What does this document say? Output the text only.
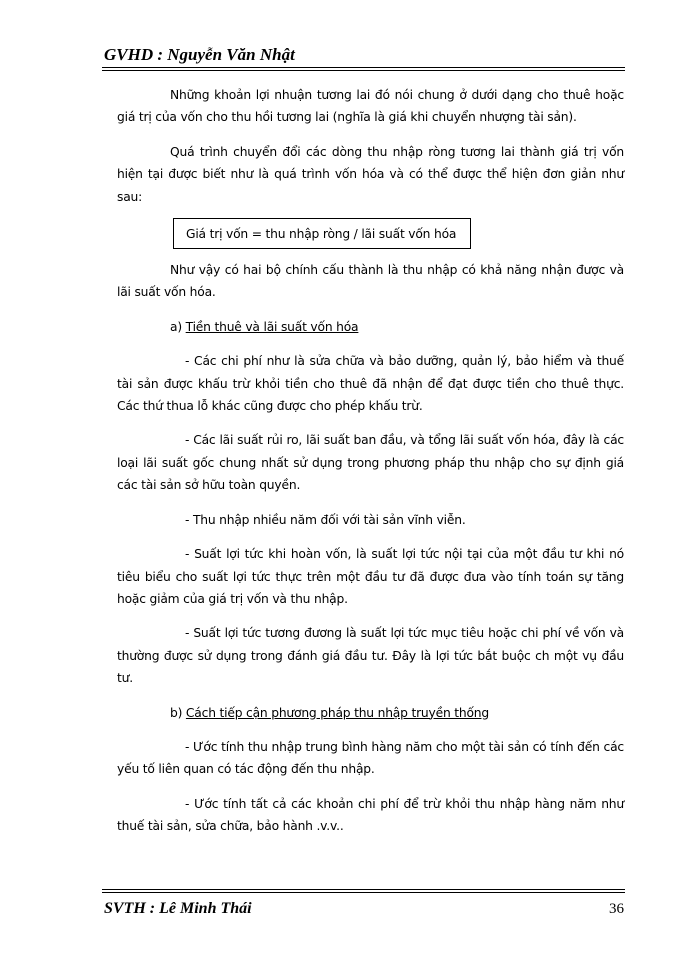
GVHD : Nguyễn Văn Nhật

Những khoản lợi nhuận tương lai đó nói chung ở dưới dạng cho thuê hoặc giá trị của vốn cho thu hồi tương lai (nghĩa là giá khi chuyển nhượng tài sản).

Quá trình chuyển đổi các dòng thu nhập ròng tương lai thành giá trị vốn hiện tại được biết như là quá trình vốn hóa và có thể được thể hiện đơn giản như sau:

Giá trị vốn = thu nhập ròng / lãi suất vốn hóa

Như vậy có hai bộ chính cấu thành là thu nhập có khả năng nhận được và lãi suất vốn hóa.

a) Tiền thuê và lãi suất vốn hóa

- Các chi phí như là sửa chữa và bảo dưỡng, quản lý, bảo hiểm và thuế tài sản được khấu trừ khỏi tiền cho thuê đã nhận để đạt được tiền cho thuê thực. Các thứ thua lỗ khác cũng được cho phép khấu trừ.

- Các lãi suất rủi ro, lãi suất ban đầu, và tổng lãi suất vốn hóa, đây là các loại lãi suất gốc chung nhất sử dụng trong phương pháp thu nhập cho sự định giá các tài sản sở hữu toàn quyền.

- Thu nhập nhiều năm đối với tài sản vĩnh viễn.

- Suất lợi tức khi hoàn vốn, là suất lợi tức nội tại của một đầu tư khi nó tiêu biểu cho suất lợi tức thực trên một đầu tư đã được đưa vào tính toán sự tăng hoặc giảm của giá trị vốn và thu nhập.

- Suất lợi tức tương đương là suất lợi tức mục tiêu hoặc chi phí về vốn và thường được sử dụng trong đánh giá đầu tư. Đây là lợi tức bắt buộc ch một vụ đầu tư.

b) Cách tiếp cận phương pháp thu nhập truyền thống

- Ước tính thu nhập trung bình hàng năm cho một tài sản có tính đến các yếu tố liên quan có tác động đến thu nhập.

- Ước tính tất cả các khoản chi phí để trừ khỏi thu nhập hàng năm như thuế tài sản, sửa chữa, bảo hành .v.v..

SVTH : Lê Minh Thái	36
